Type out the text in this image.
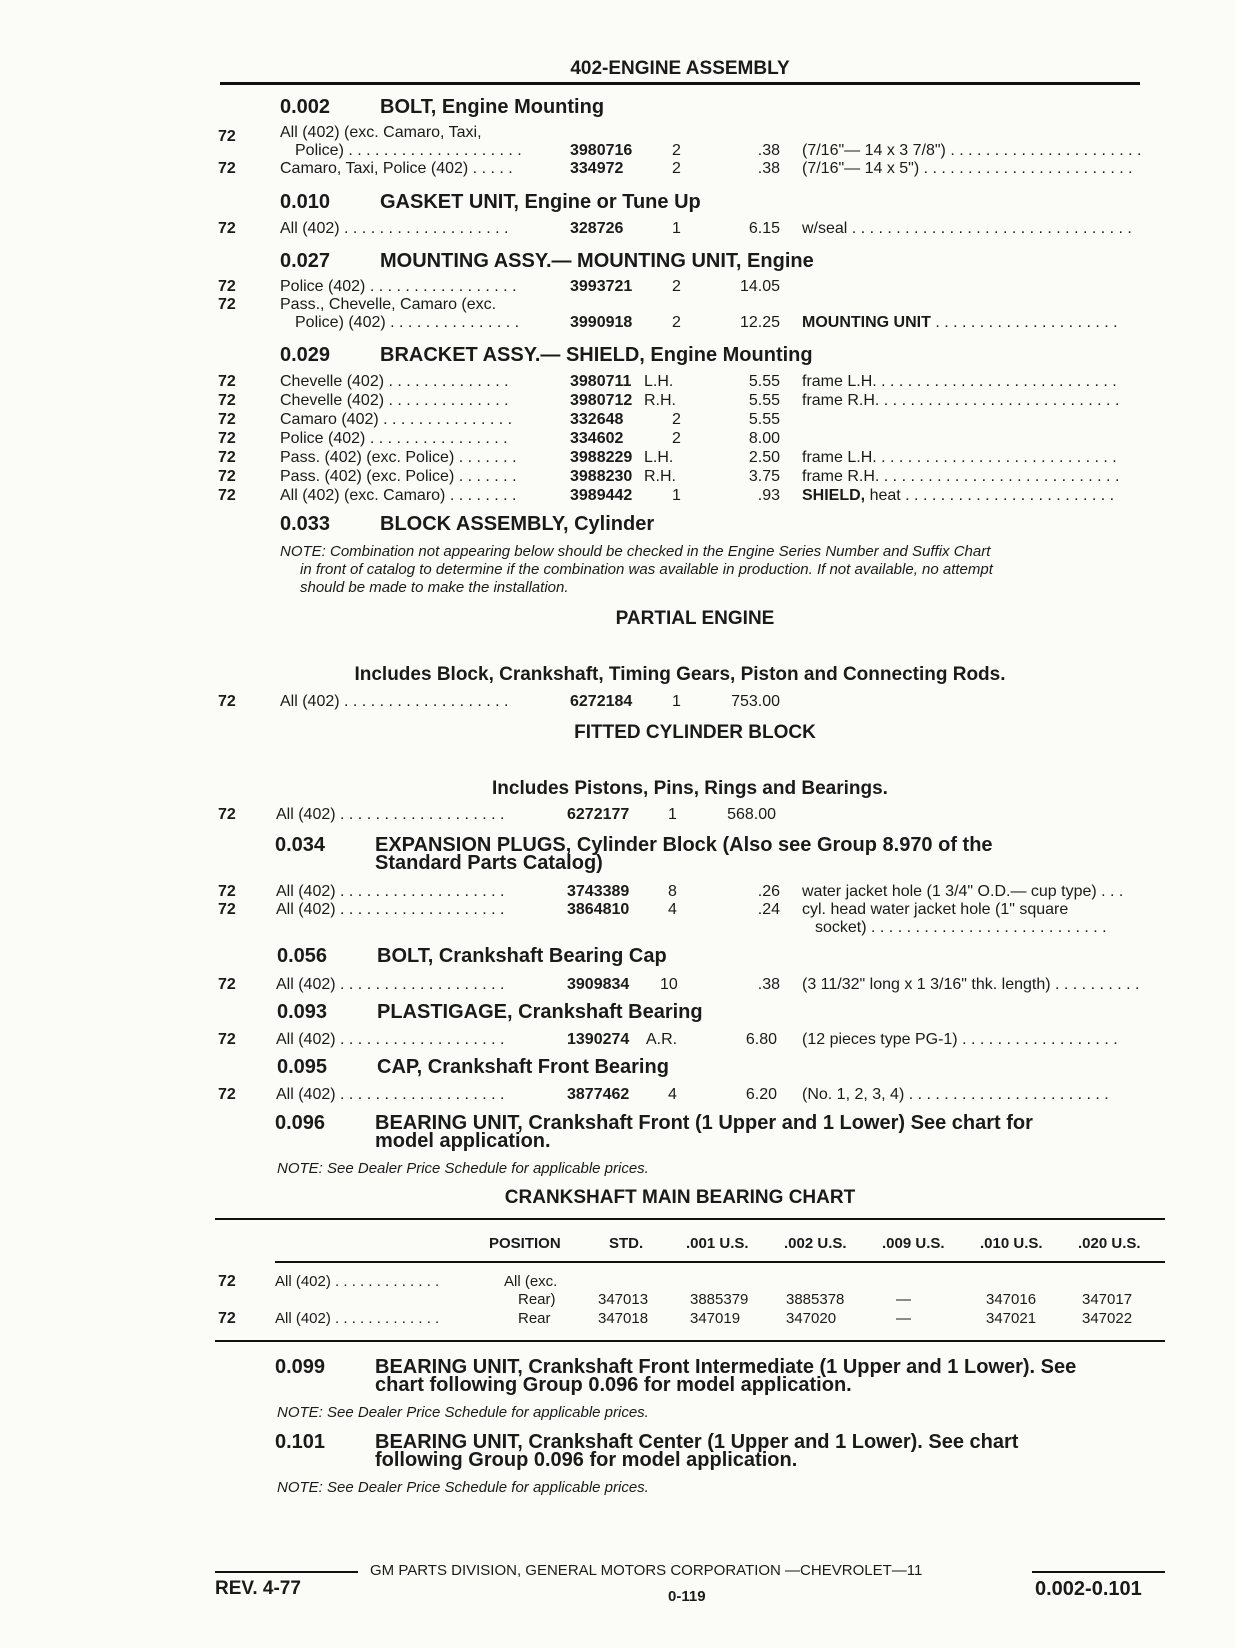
402-ENGINE ASSEMBLY
0.002 BOLT, Engine Mounting
72	All (402) (exc. Camaro, Taxi,
Police) . . . . . . . . . . . . . . . . . . . .	3980716 2	.38 (7/16"— 14 x 3 7/8") . . . . . . . . . . . . . . . . . . . . . .
72	Camaro, Taxi, Police (402) . . . . .	334972	2	.38 (7/16"— 14 x 5") . . . . . . . . . . . . . . . . . . . . . . . .
0.010 GASKET UNIT, Engine or Tune Up
72	All (402) . . . . . . . . . . . . . . . . . . .	328726	1	6.15 w/seal . . . . . . . . . . . . . . . . . . . . . . . . . . . . . . . .
0.027 MOUNTING ASSY.— MOUNTING UNIT, Engine
72	Police (402) . . . . . . . . . . . . . . . . .	3993721 2	14.05
72	Pass., Chevelle, Camaro (exc.
Police) (402) . . . . . . . . . . . . . . .	3990918 2	12.25 MOUNTING UNIT . . . . . . . . . . . . . . . . . . . . .
0.029 BRACKET ASSY.— SHIELD, Engine Mounting
72	Chevelle (402) . . . . . . . . . . . . . .	3980711 L.H.	5.55 frame L.H. . . . . . . . . . . . . . . . . . . . . . . . . . . .
72	Chevelle (402) . . . . . . . . . . . . . .	3980712 R.H.	5.55 frame R.H. . . . . . . . . . . . . . . . . . . . . . . . . . . .
72	Camaro (402) . . . . . . . . . . . . . . .	332648	2	5.55
72	Police (402) . . . . . . . . . . . . . . . .	334602	2	8.00
72	Pass. (402) (exc. Police) . . . . . . .	3988229 L.H.	2.50 frame L.H. . . . . . . . . . . . . . . . . . . . . . . . . . . .
72	Pass. (402) (exc. Police) . . . . . . .	3988230 R.H.	3.75 frame R.H. . . . . . . . . . . . . . . . . . . . . . . . . . . .
72	All (402) (exc. Camaro) . . . . . . . .	3989442 1	.93 SHIELD, heat . . . . . . . . . . . . . . . . . . . . . . . .
0.033 BLOCK ASSEMBLY, Cylinder
NOTE: Combination not appearing below should be checked in the Engine Series Number and Suffix Chart
in front of catalog to determine if the combination was available in production. If not available, no attempt
should be made to make the installation.
PARTIAL ENGINE
Includes Block, Crankshaft, Timing Gears, Piston and Connecting Rods.
72	All (402) . . . . . . . . . . . . . . . . . . .	6272184 1	753.00
FITTED CYLINDER BLOCK
Includes Pistons, Pins, Rings and Bearings.
72	All (402) . . . . . . . . . . . . . . . . . . .	6272177 1	568.00
0.034 EXPANSION PLUGS, Cylinder Block (Also see Group 8.970 of the
Standard Parts Catalog)
72	All (402) . . . . . . . . . . . . . . . . . . .	3743389 8	.26 water jacket hole (1 3/4" O.D.— cup type) . . .
72	All (402) . . . . . . . . . . . . . . . . . . .	3864810 4	.24 cyl. head water jacket hole (1" square
socket) . . . . . . . . . . . . . . . . . . . . . . . . . . .
0.056 BOLT, Crankshaft Bearing Cap
72	All (402) . . . . . . . . . . . . . . . . . . .	3909834 10	.38 (3 11/32" long x 1 3/16" thk. length) . . . . . . . . . .
0.093 PLASTIGAGE, Crankshaft Bearing
72	All (402) . . . . . . . . . . . . . . . . . . .	1390274 A.R.	6.80 (12 pieces type PG-1) . . . . . . . . . . . . . . . . . .
0.095 CAP, Crankshaft Front Bearing
72	All (402) . . . . . . . . . . . . . . . . . . .	3877462 4	6.20 (No. 1, 2, 3, 4) . . . . . . . . . . . . . . . . . . . . . . .
0.096 BEARING UNIT, Crankshaft Front (1 Upper and 1 Lower) See chart for
model application.
NOTE: See Dealer Price Schedule for applicable prices.
CRANKSHAFT MAIN BEARING CHART
POSITION	STD.	.001 U.S. .002 U.S. .009 U.S. .010 U.S. .020 U.S.
72	All (402) . . . . . . . . . . . . .	All (exc.
Rear)	347013	3885379	3885378	—	347016	347017
72	All (402) . . . . . . . . . . . . .	Rear	347018	347019	347020	—	347021	347022
0.099 BEARING UNIT, Crankshaft Front Intermediate (1 Upper and 1 Lower). See
chart following Group 0.096 for model application.
NOTE: See Dealer Price Schedule for applicable prices.
0.101 BEARING UNIT, Crankshaft Center (1 Upper and 1 Lower). See chart
following Group 0.096 for model application.
NOTE: See Dealer Price Schedule for applicable prices.
GM PARTS DIVISION, GENERAL MOTORS CORPORATION —CHEVROLET—11
REV. 4-77	0-119	0.002-0.101
